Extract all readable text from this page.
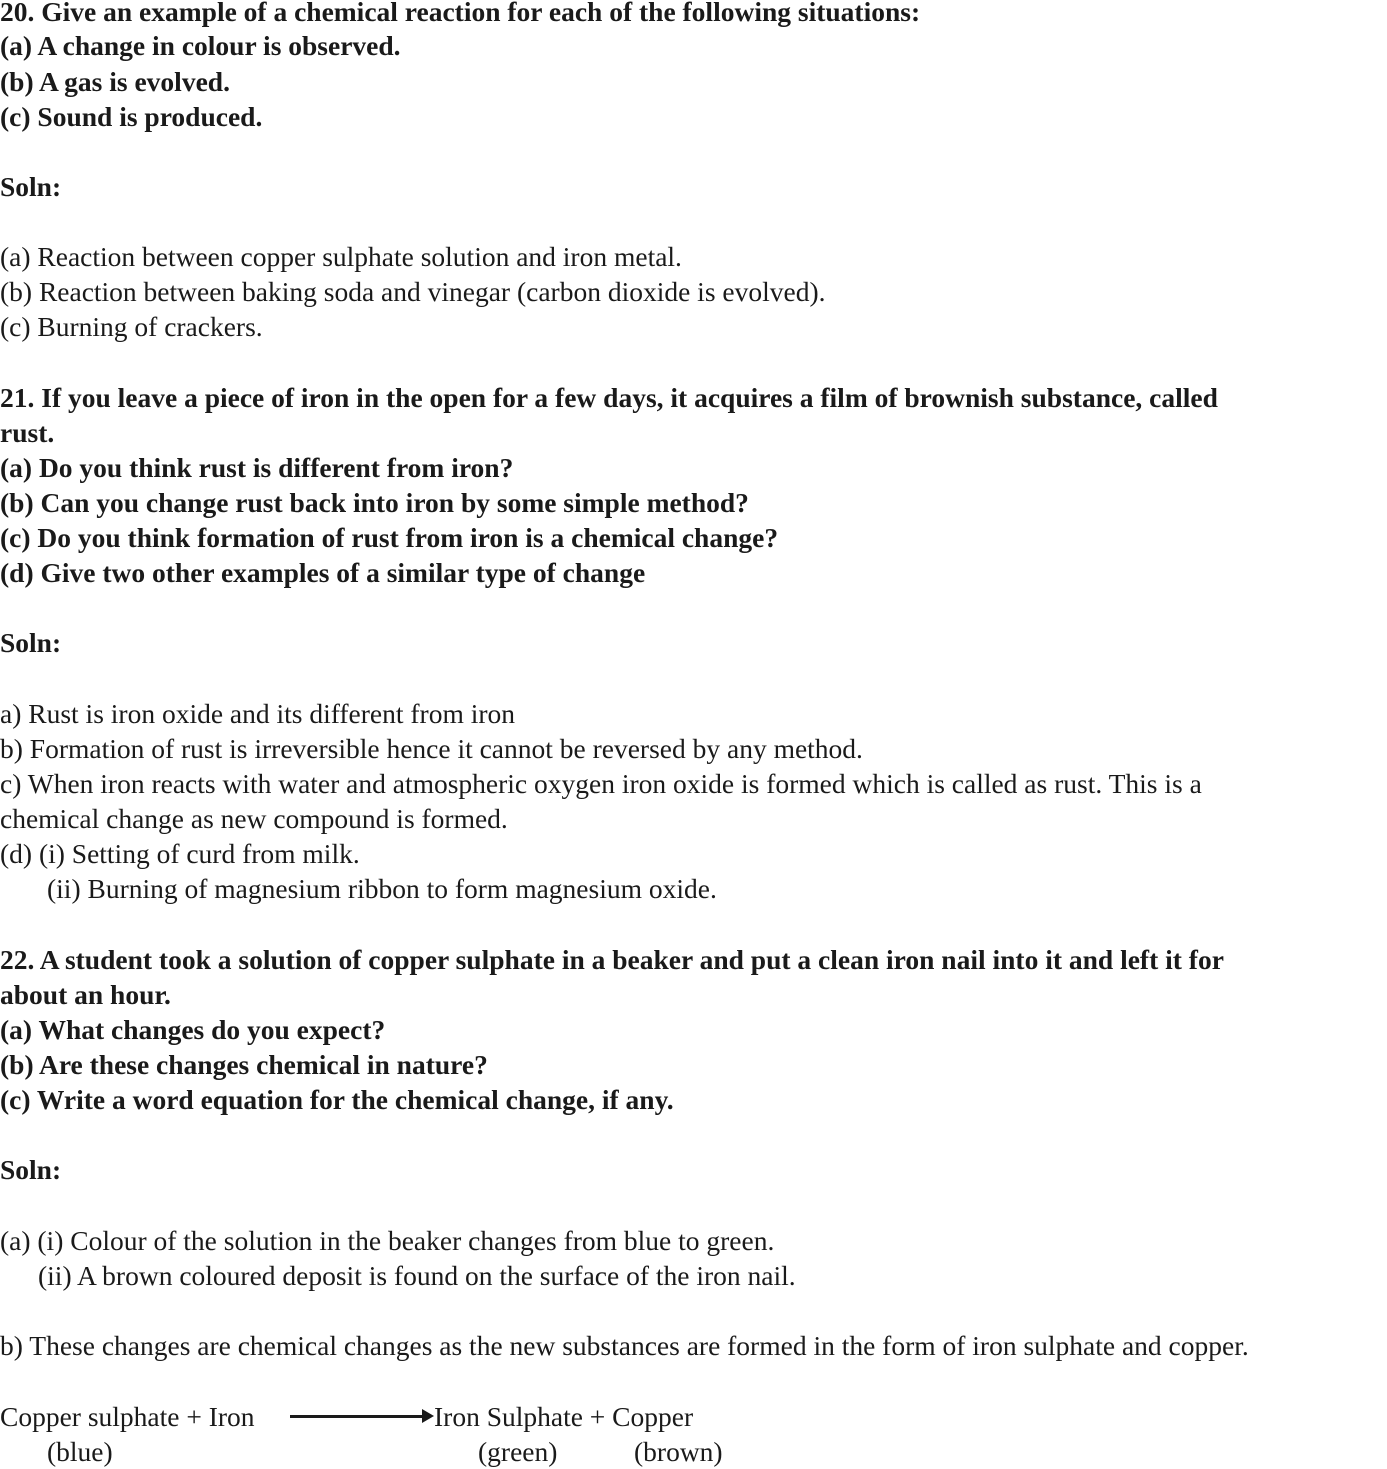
20. Give an example of a chemical reaction for each of the following situations:
(a) A change in colour is observed.
(b) A gas is evolved.
(c) Sound is produced.
Soln:
(a) Reaction between copper sulphate solution and iron metal.
(b) Reaction between baking soda and vinegar (carbon dioxide is evolved).
(c) Burning of crackers.
21. If you leave a piece of iron in the open for a few days, it acquires a film of brownish substance, called
rust.
(a) Do you think rust is different from iron?
(b) Can you change rust back into iron by some simple method?
(c) Do you think formation of rust from iron is a chemical change?
(d) Give two other examples of a similar type of change
Soln:
a) Rust is iron oxide and its different from iron
b) Formation of rust is irreversible hence it cannot be reversed by any method.
c) When iron reacts with water and atmospheric oxygen iron oxide is formed which is called as rust. This is a
chemical change as new compound is formed.
(d) (i) Setting of curd from milk.
(ii) Burning of magnesium ribbon to form magnesium oxide.
22. A student took a solution of copper sulphate in a beaker and put a clean iron nail into it and left it for
about an hour.
(a) What changes do you expect?
(b) Are these changes chemical in nature?
(c) Write a word equation for the chemical change, if any.
Soln:
(a) (i) Colour of the solution in the beaker changes from blue to green.
(ii) A brown coloured deposit is found on the surface of the iron nail.
b) These changes are chemical changes as the new substances are formed in the form of iron sulphate and copper.
Copper sulphate + Iron	Iron Sulphate + Copper
(blue)	(green)	(brown)
